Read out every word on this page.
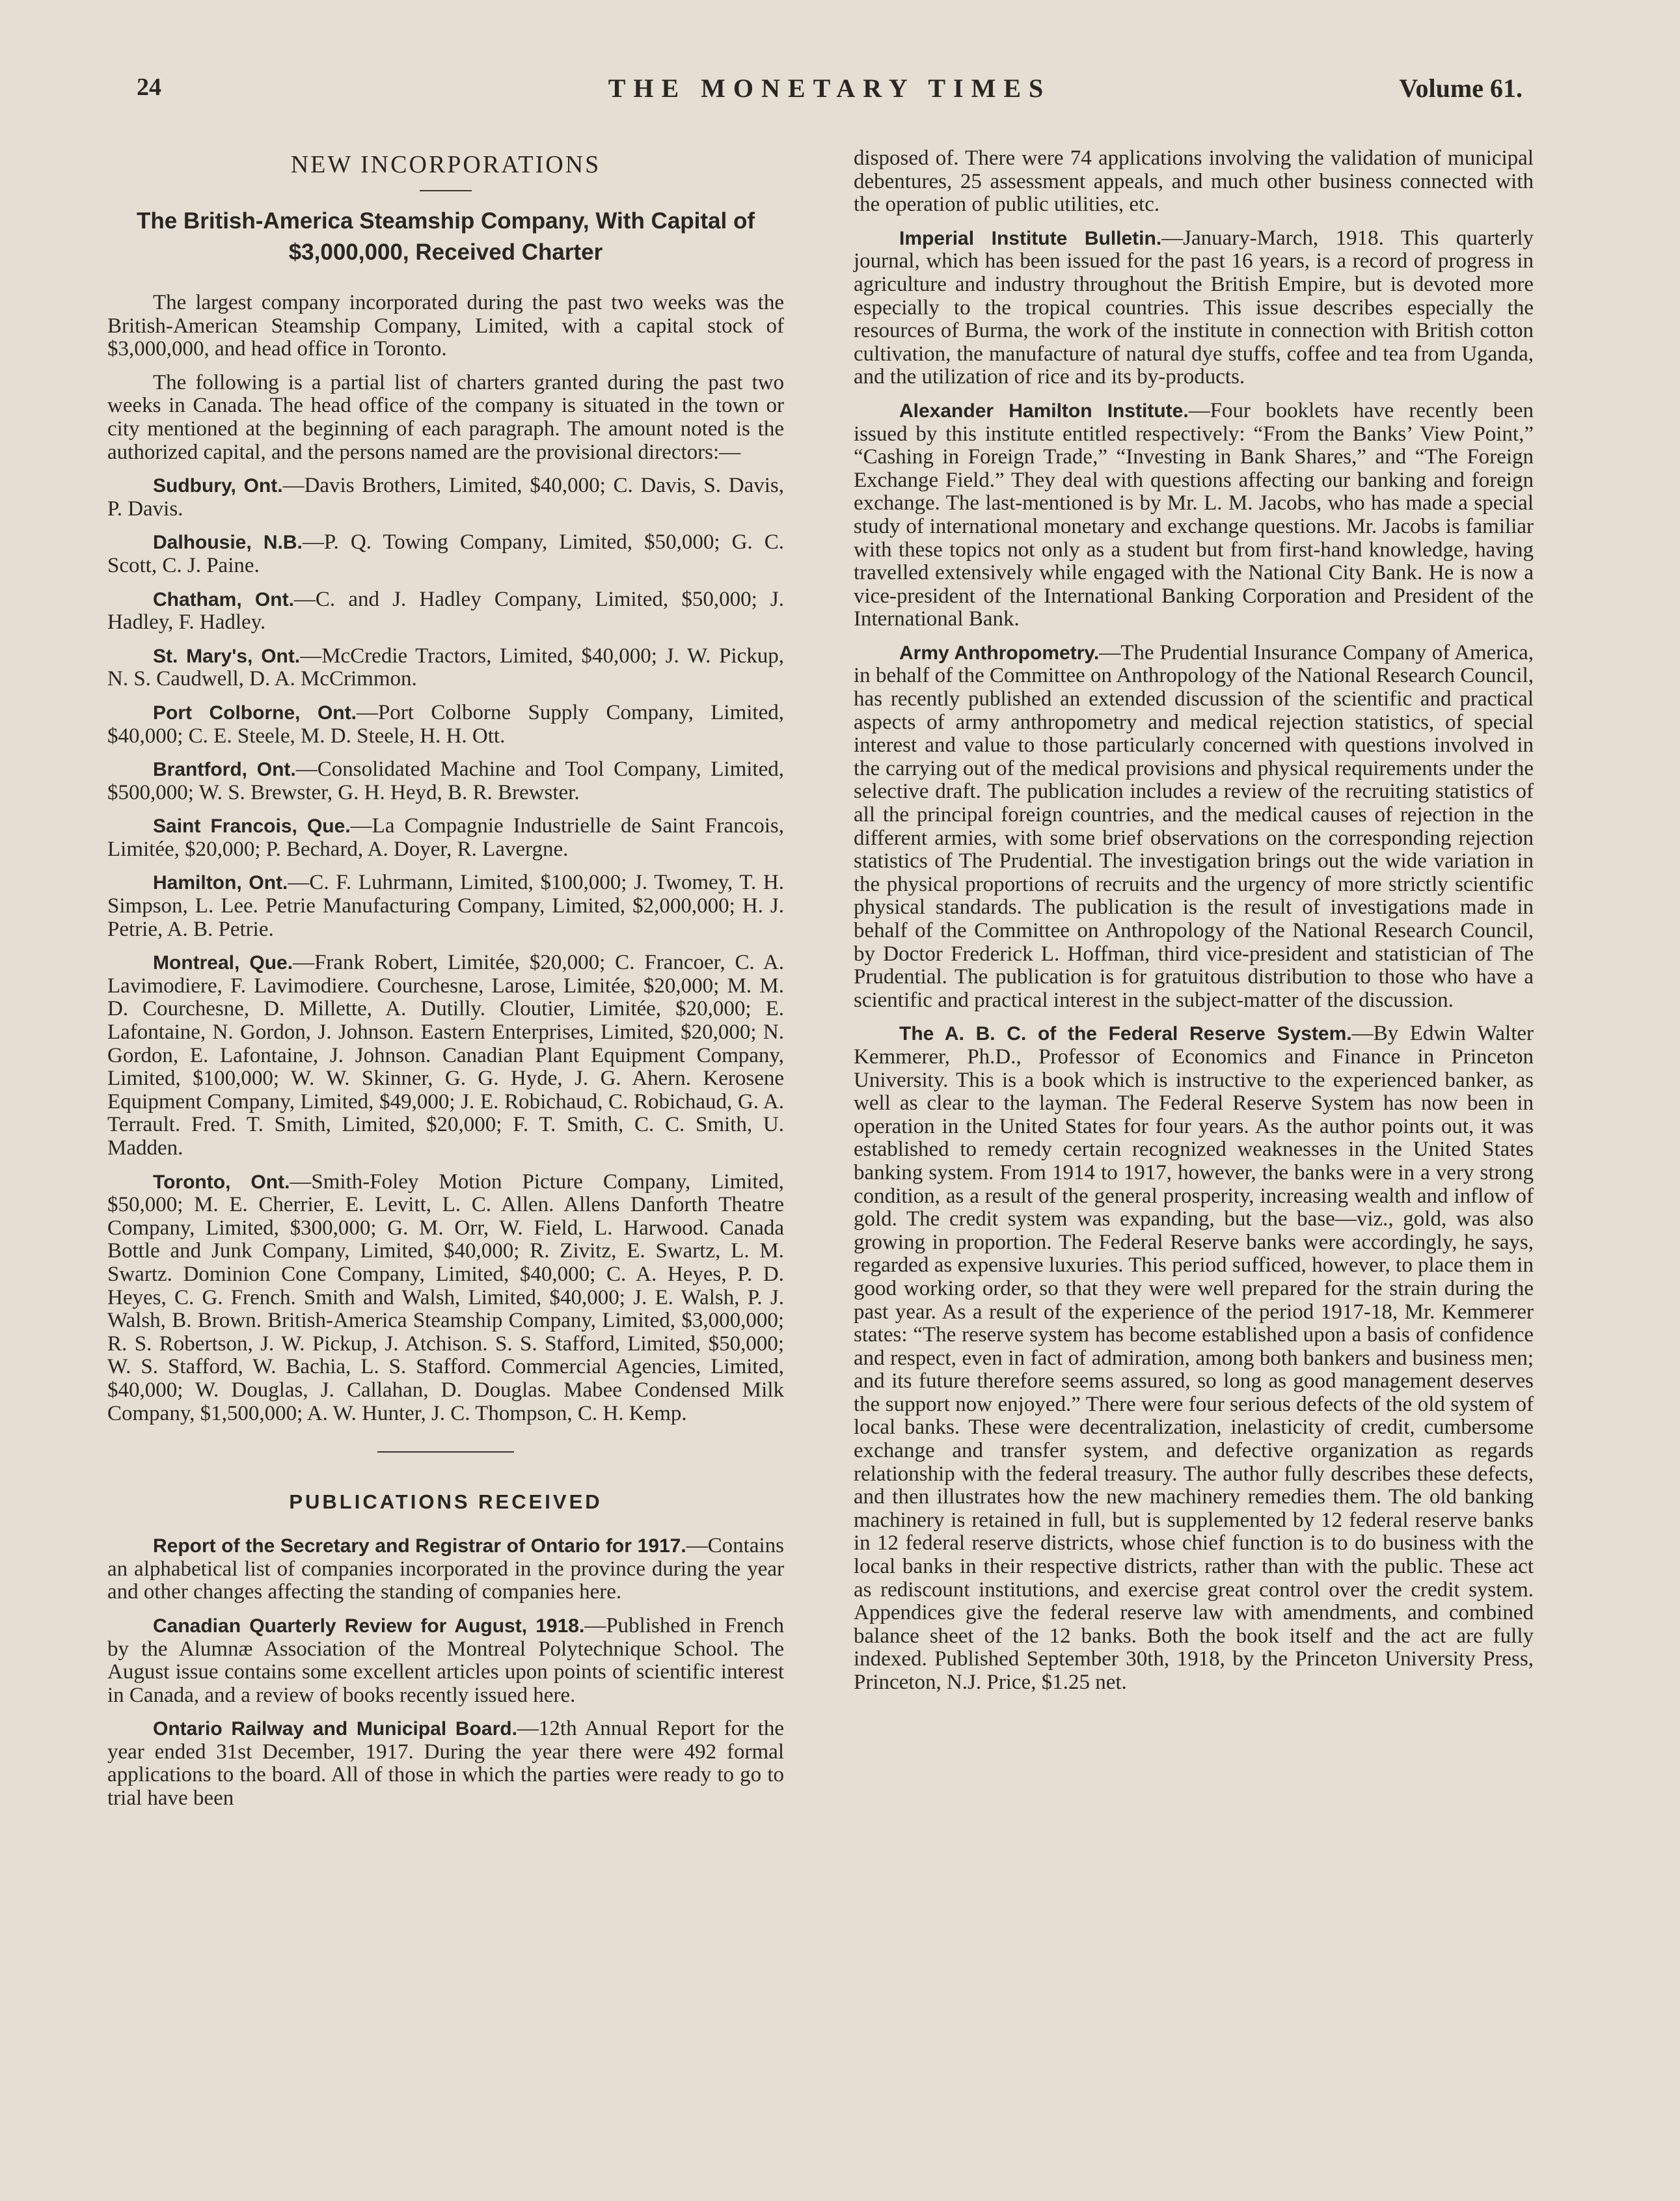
24	THE MONETARY TIMES	Volume 61.
NEW INCORPORATIONS
The British-America Steamship Company, With Capital of $3,000,000, Received Charter

The largest company incorporated during the past two weeks was the British-American Steamship Company, Limited, with a capital stock of $3,000,000, and head office in Toronto.

The following is a partial list of charters granted during the past two weeks in Canada. The head office of the company is situated in the town or city mentioned at the beginning of each paragraph. The amount noted is the authorized capital, and the persons named are the provisional directors:—

Sudbury, Ont.—Davis Brothers, Limited, $40,000; C. Davis, S. Davis, P. Davis.

Dalhousie, N.B.—P. Q. Towing Company, Limited, $50,000; G. C. Scott, C. J. Paine.

Chatham, Ont.—C. and J. Hadley Company, Limited, $50,000; J. Hadley, F. Hadley.

St. Mary's, Ont.—McCredie Tractors, Limited, $40,000; J. W. Pickup, N. S. Caudwell, D. A. McCrimmon.

Port Colborne, Ont.—Port Colborne Supply Company, Limited, $40,000; C. E. Steele, M. D. Steele, H. H. Ott.

Brantford, Ont.—Consolidated Machine and Tool Company, Limited, $500,000; W. S. Brewster, G. H. Heyd, B. R. Brewster.

Saint Francois, Que.—La Compagnie Industrielle de Saint Francois, Limitée, $20,000; P. Bechard, A. Doyer, R. Lavergne.

Hamilton, Ont.—C. F. Luhrmann, Limited, $100,000; J. Twomey, T. H. Simpson, L. Lee. Petrie Manufacturing Company, Limited, $2,000,000; H. J. Petrie, A. B. Petrie.

Montreal, Que.—Frank Robert, Limitée, $20,000; C. Francoer, C. A. Lavimodiere, F. Lavimodiere. Courchesne, Larose, Limitée, $20,000; M. M. D. Courchesne, D. Millette, A. Dutilly. Cloutier, Limitée, $20,000; E. Lafontaine, N. Gordon, J. Johnson. Eastern Enterprises, Limited, $20,000; N. Gordon, E. Lafontaine, J. Johnson. Canadian Plant Equipment Company, Limited, $100,000; W. W. Skinner, G. G. Hyde, J. G. Ahern. Kerosene Equipment Company, Limited, $49,000; J. E. Robichaud, C. Robichaud, G. A. Terrault. Fred. T. Smith, Limited, $20,000; F. T. Smith, C. C. Smith, U. Madden.

Toronto, Ont.—Smith-Foley Motion Picture Company, Limited, $50,000; M. E. Cherrier, E. Levitt, L. C. Allen. Allens Danforth Theatre Company, Limited, $300,000; G. M. Orr, W. Field, L. Harwood. Canada Bottle and Junk Company, Limited, $40,000; R. Zivitz, E. Swartz, L. M. Swartz. Dominion Cone Company, Limited, $40,000; C. A. Heyes, P. D. Heyes, C. G. French. Smith and Walsh, Limited, $40,000; J. E. Walsh, P. J. Walsh, B. Brown. British-America Steamship Company, Limited, $3,000,000; R. S. Robertson, J. W. Pickup, J. Atchison. S. S. Stafford, Limited, $50,000; W. S. Stafford, W. Bachia, L. S. Stafford. Commercial Agencies, Limited, $40,000; W. Douglas, J. Callahan, D. Douglas. Mabee Condensed Milk Company, $1,500,000; A. W. Hunter, J. C. Thompson, C. H. Kemp.

PUBLICATIONS RECEIVED

Report of the Secretary and Registrar of Ontario for 1917.—Contains an alphabetical list of companies incorporated in the province during the year and other changes affecting the standing of companies here.

Canadian Quarterly Review for August, 1918.—Published in French by the Alumnæ Association of the Montreal Polytechnique School. The August issue contains some excellent articles upon points of scientific interest in Canada, and a review of books recently issued here.

Ontario Railway and Municipal Board.—12th Annual Report for the year ended 31st December, 1917. During the year there were 492 formal applications to the board. All of those in which the parties were ready to go to trial have been

disposed of. There were 74 applications involving the validation of municipal debentures, 25 assessment appeals, and much other business connected with the operation of public utilities, etc.

Imperial Institute Bulletin.—January-March, 1918. This quarterly journal, which has been issued for the past 16 years, is a record of progress in agriculture and industry throughout the British Empire, but is devoted more especially to the tropical countries. This issue describes especially the resources of Burma, the work of the institute in connection with British cotton cultivation, the manufacture of natural dye stuffs, coffee and tea from Uganda, and the utilization of rice and its by-products.

Alexander Hamilton Institute.—Four booklets have recently been issued by this institute entitled respectively: “From the Banks’ View Point,” “Cashing in Foreign Trade,” “Investing in Bank Shares,” and “The Foreign Exchange Field.” They deal with questions affecting our banking and foreign exchange. The last-mentioned is by Mr. L. M. Jacobs, who has made a special study of international monetary and exchange questions. Mr. Jacobs is familiar with these topics not only as a student but from first-hand knowledge, having travelled extensively while engaged with the National City Bank. He is now a vice-president of the International Banking Corporation and President of the International Bank.

Army Anthropometry.—The Prudential Insurance Company of America, in behalf of the Committee on Anthropology of the National Research Council, has recently published an extended discussion of the scientific and practical aspects of army anthropometry and medical rejection statistics, of special interest and value to those particularly concerned with questions involved in the carrying out of the medical provisions and physical requirements under the selective draft. The publication includes a review of the recruiting statistics of all the principal foreign countries, and the medical causes of rejection in the different armies, with some brief observations on the corresponding rejection statistics of The Prudential. The investigation brings out the wide variation in the physical proportions of recruits and the urgency of more strictly scientific physical standards. The publication is the result of investigations made in behalf of the Committee on Anthropology of the National Research Council, by Doctor Frederick L. Hoffman, third vice-president and statistician of The Prudential. The publication is for gratuitous distribution to those who have a scientific and practical interest in the subject-matter of the discussion.

The A. B. C. of the Federal Reserve System.—By Edwin Walter Kemmerer, Ph.D., Professor of Economics and Finance in Princeton University. This is a book which is instructive to the experienced banker, as well as clear to the layman. The Federal Reserve System has now been in operation in the United States for four years. As the author points out, it was established to remedy certain recognized weaknesses in the United States banking system. From 1914 to 1917, however, the banks were in a very strong condition, as a result of the general prosperity, increasing wealth and inflow of gold. The credit system was expanding, but the base—viz., gold, was also growing in proportion. The Federal Reserve banks were accordingly, he says, regarded as expensive luxuries. This period sufficed, however, to place them in good working order, so that they were well prepared for the strain during the past year. As a result of the experience of the period 1917-18, Mr. Kemmerer states: “The reserve system has become established upon a basis of confidence and respect, even in fact of admiration, among both bankers and business men; and its future therefore seems assured, so long as good management deserves the support now enjoyed.” There were four serious defects of the old system of local banks. These were decentralization, inelasticity of credit, cumbersome exchange and transfer system, and defective organization as regards relationship with the federal treasury. The author fully describes these defects, and then illustrates how the new machinery remedies them. The old banking machinery is retained in full, but is supplemented by 12 federal reserve banks in 12 federal reserve districts, whose chief function is to do business with the local banks in their respective districts, rather than with the public. These act as rediscount institutions, and exercise great control over the credit system. Appendices give the federal reserve law with amendments, and combined balance sheet of the 12 banks. Both the book itself and the act are fully indexed. Published September 30th, 1918, by the Princeton University Press, Princeton, N.J. Price, $1.25 net.
